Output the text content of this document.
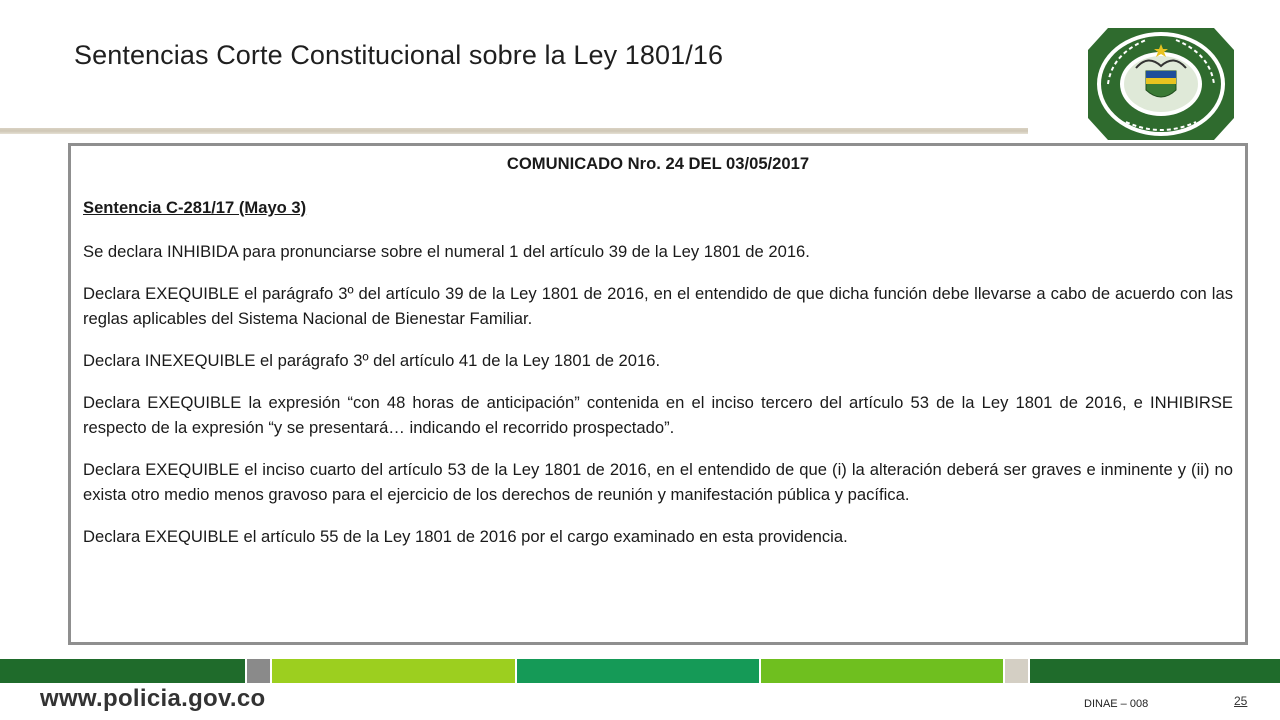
Sentencias Corte Constitucional sobre la Ley 1801/16

COMUNICADO Nro. 24 DEL 03/05/2017

Sentencia C-281/17 (Mayo 3)

Se declara INHIBIDA para pronunciarse sobre el numeral 1 del artículo 39 de la Ley 1801 de 2016.

Declara EXEQUIBLE el parágrafo 3º del artículo 39 de la Ley 1801 de 2016, en el entendido de que dicha función debe llevarse a cabo de acuerdo con las reglas aplicables del Sistema Nacional de Bienestar Familiar.

Declara INEXEQUIBLE el parágrafo 3º del artículo 41 de la Ley 1801 de 2016.

Declara EXEQUIBLE la expresión “con 48 horas de anticipación” contenida en el inciso tercero del artículo 53 de la Ley 1801 de 2016, e INHIBIRSE respecto de la expresión “y se presentará… indicando el recorrido prospectado”.

Declara EXEQUIBLE el inciso cuarto del artículo 53 de la Ley 1801 de 2016, en el entendido de que (i) la alteración deberá ser graves e inminente y (ii) no exista otro medio menos gravoso para el ejercicio de los derechos de reunión y manifestación pública y pacífica.

Declara EXEQUIBLE el artículo 55 de la Ley 1801 de 2016 por el cargo examinado en esta providencia.

www.policia.gov.co	DINAE – 008	25
